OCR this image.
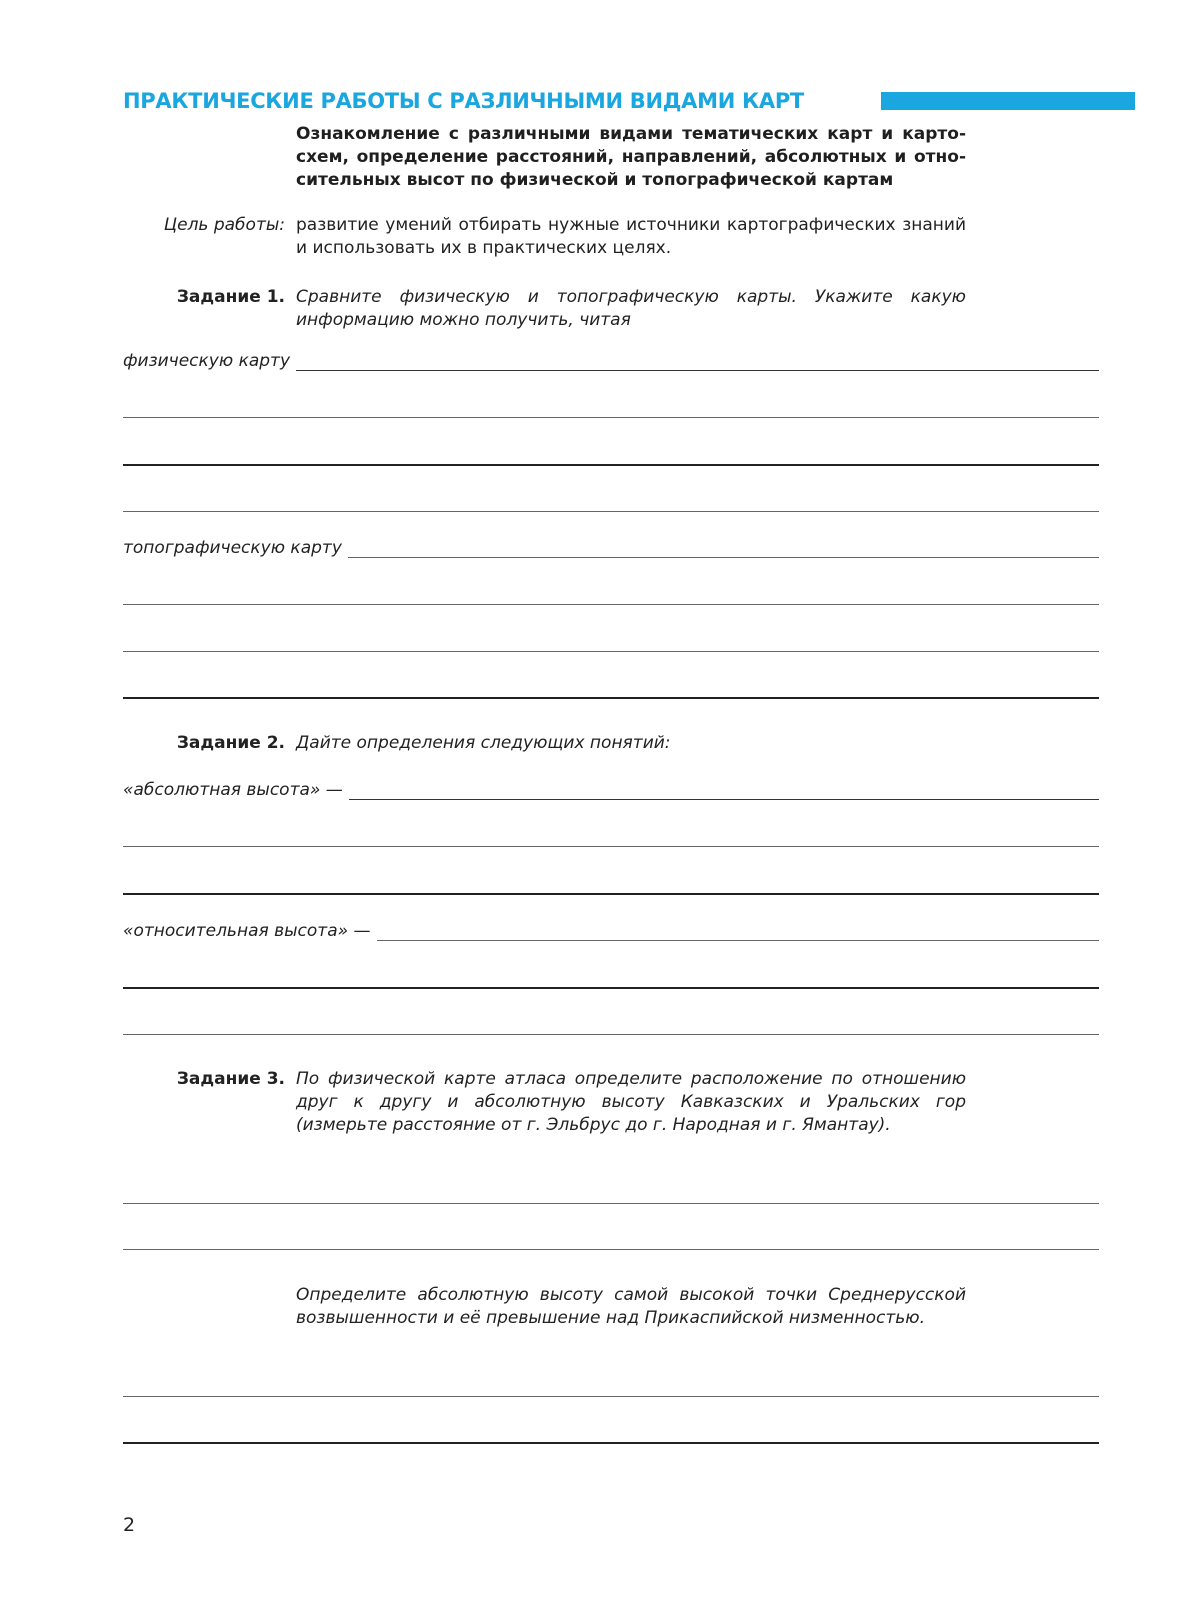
ПРАКТИЧЕСКИЕ РАБОТЫ С РАЗЛИЧНЫМИ ВИДАМИ КАРТ
Ознакомление с различными видами тематических карт и картосхем, определение расстояний, направлений, абсолютных и относительных высот по физической и топографической картам
Цель работы: развитие умений отбирать нужные источники картографических знаний и использовать их в практических целях.
Задание 1. Сравните физическую и топографическую карты. Укажите какую информацию можно получить, читая
физическую карту
топографическую карту
Задание 2. Дайте определения следующих понятий:
«абсолютная высота» —
«относительная высота» —
Задание 3. По физической карте атласа определите расположение по отношению друг к другу и абсолютную высоту Кавказских и Уральских гор (измерьте расстояние от г. Эльбрус до г. Народная и г. Ямантау).
Определите абсолютную высоту самой высокой точки Среднерусской возвышенности и её превышение над Прикаспийской низменностью.
2
